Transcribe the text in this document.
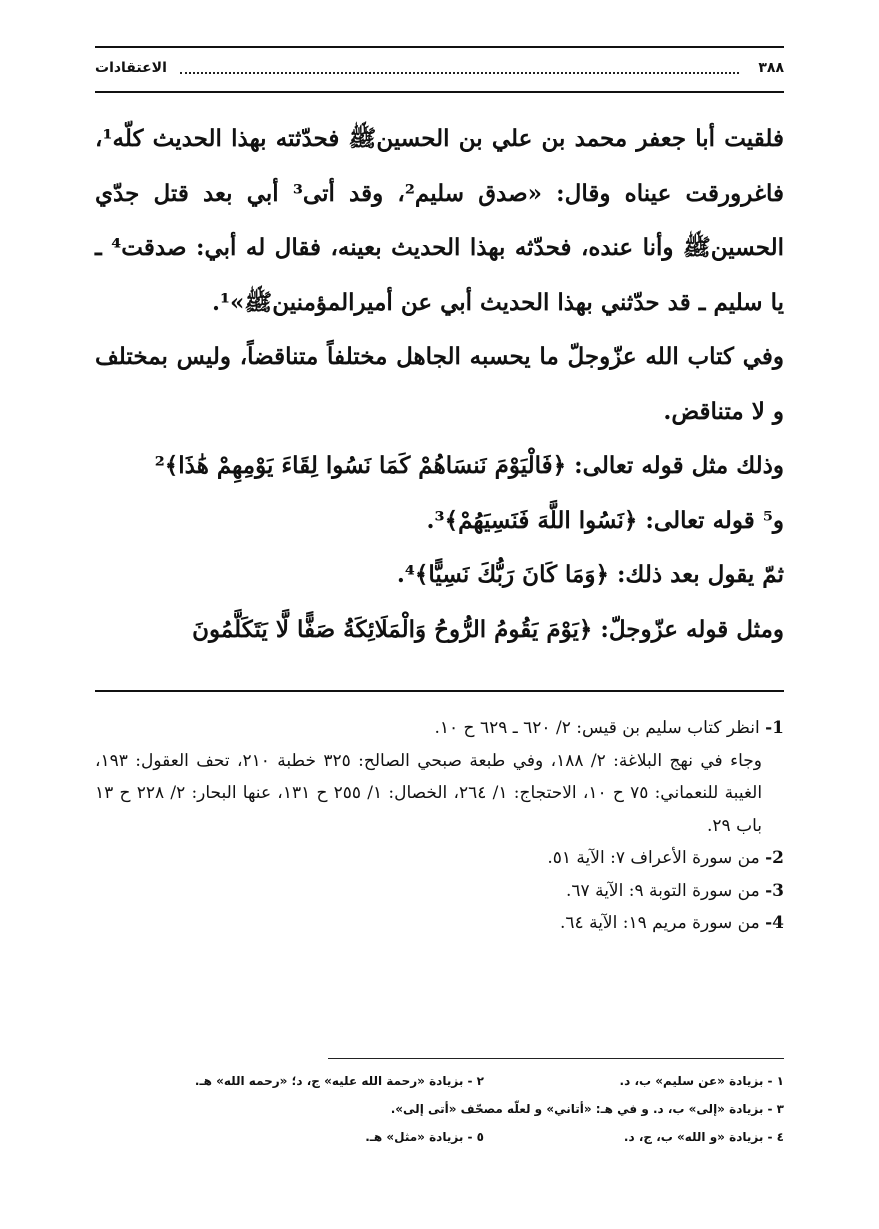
٣٨٨
الاعتقادات

فلقيت أبا جعفر محمد بن علي بن الحسينﷺ فحدّثته بهذا الحديث كلّه¹، فاغرورقت عيناه وقال: «صدق سليم²، وقد أتى³ أبي بعد قتل جدّي الحسينﷺ وأنا عنده، فحدّثه بهذا الحديث بعينه، فقال له أبي: صدقت⁴ ـ يا سليم ـ قد حدّثني بهذا الحديث أبي عن أميرالمؤمنينﷺ»¹.

وفي كتاب الله عزّوجلّ ما يحسبه الجاهل مختلفاً متناقضاً، وليس بمختلف و لا متناقض.

وذلك مثل قوله تعالى: ﴿فَالْيَوْمَ نَنسَاهُمْ كَمَا نَسُوا لِقَاءَ يَوْمِهِمْ هَٰذَا﴾²

و⁵ قوله تعالى: ﴿نَسُوا اللَّهَ فَنَسِيَهُمْ﴾³.

ثمّ يقول بعد ذلك: ﴿وَمَا كَانَ رَبُّكَ نَسِيًّا﴾⁴.

ومثل قوله عزّوجلّ: ﴿يَوْمَ يَقُومُ الرُّوحُ وَالْمَلَائِكَةُ صَفًّا لَّا يَتَكَلَّمُونَ

1- انظر كتاب سليم بن قيس: ٢/ ٦٢٠ ـ ٦٢٩ ح ١٠.

وجاء في نهج البلاغة: ٢/ ١٨٨، وفي طبعة صبحي الصالح: ٣٢٥ خطبة ٢١٠، تحف العقول: ١٩٣، الغيبة للنعماني: ٧٥ ح ١٠، الاحتجاج: ١/ ٢٦٤، الخصال: ١/ ٢٥٥ ح ١٣١، عنها البحار: ٢/ ٢٢٨ ح ١٣ باب ٢٩.

2- من سورة الأعراف ٧: الآية ٥١.

3- من سورة التوبة ٩: الآية ٦٧.

4- من سورة مريم ١٩: الآية ٦٤.

١ - بزيادة «عن سليم» ب، د.
٢ - بزيادة «رحمة الله عليه» ج، د؛ «رحمه الله» هـ.
٣ - بزيادة «إلى» ب، د. و في هـ: «أتاني» و لعلّه مصحّف «أتى إلى».
٤ - بزيادة «و الله» ب، ج، د.
٥ - بزيادة «مثل» هـ.
